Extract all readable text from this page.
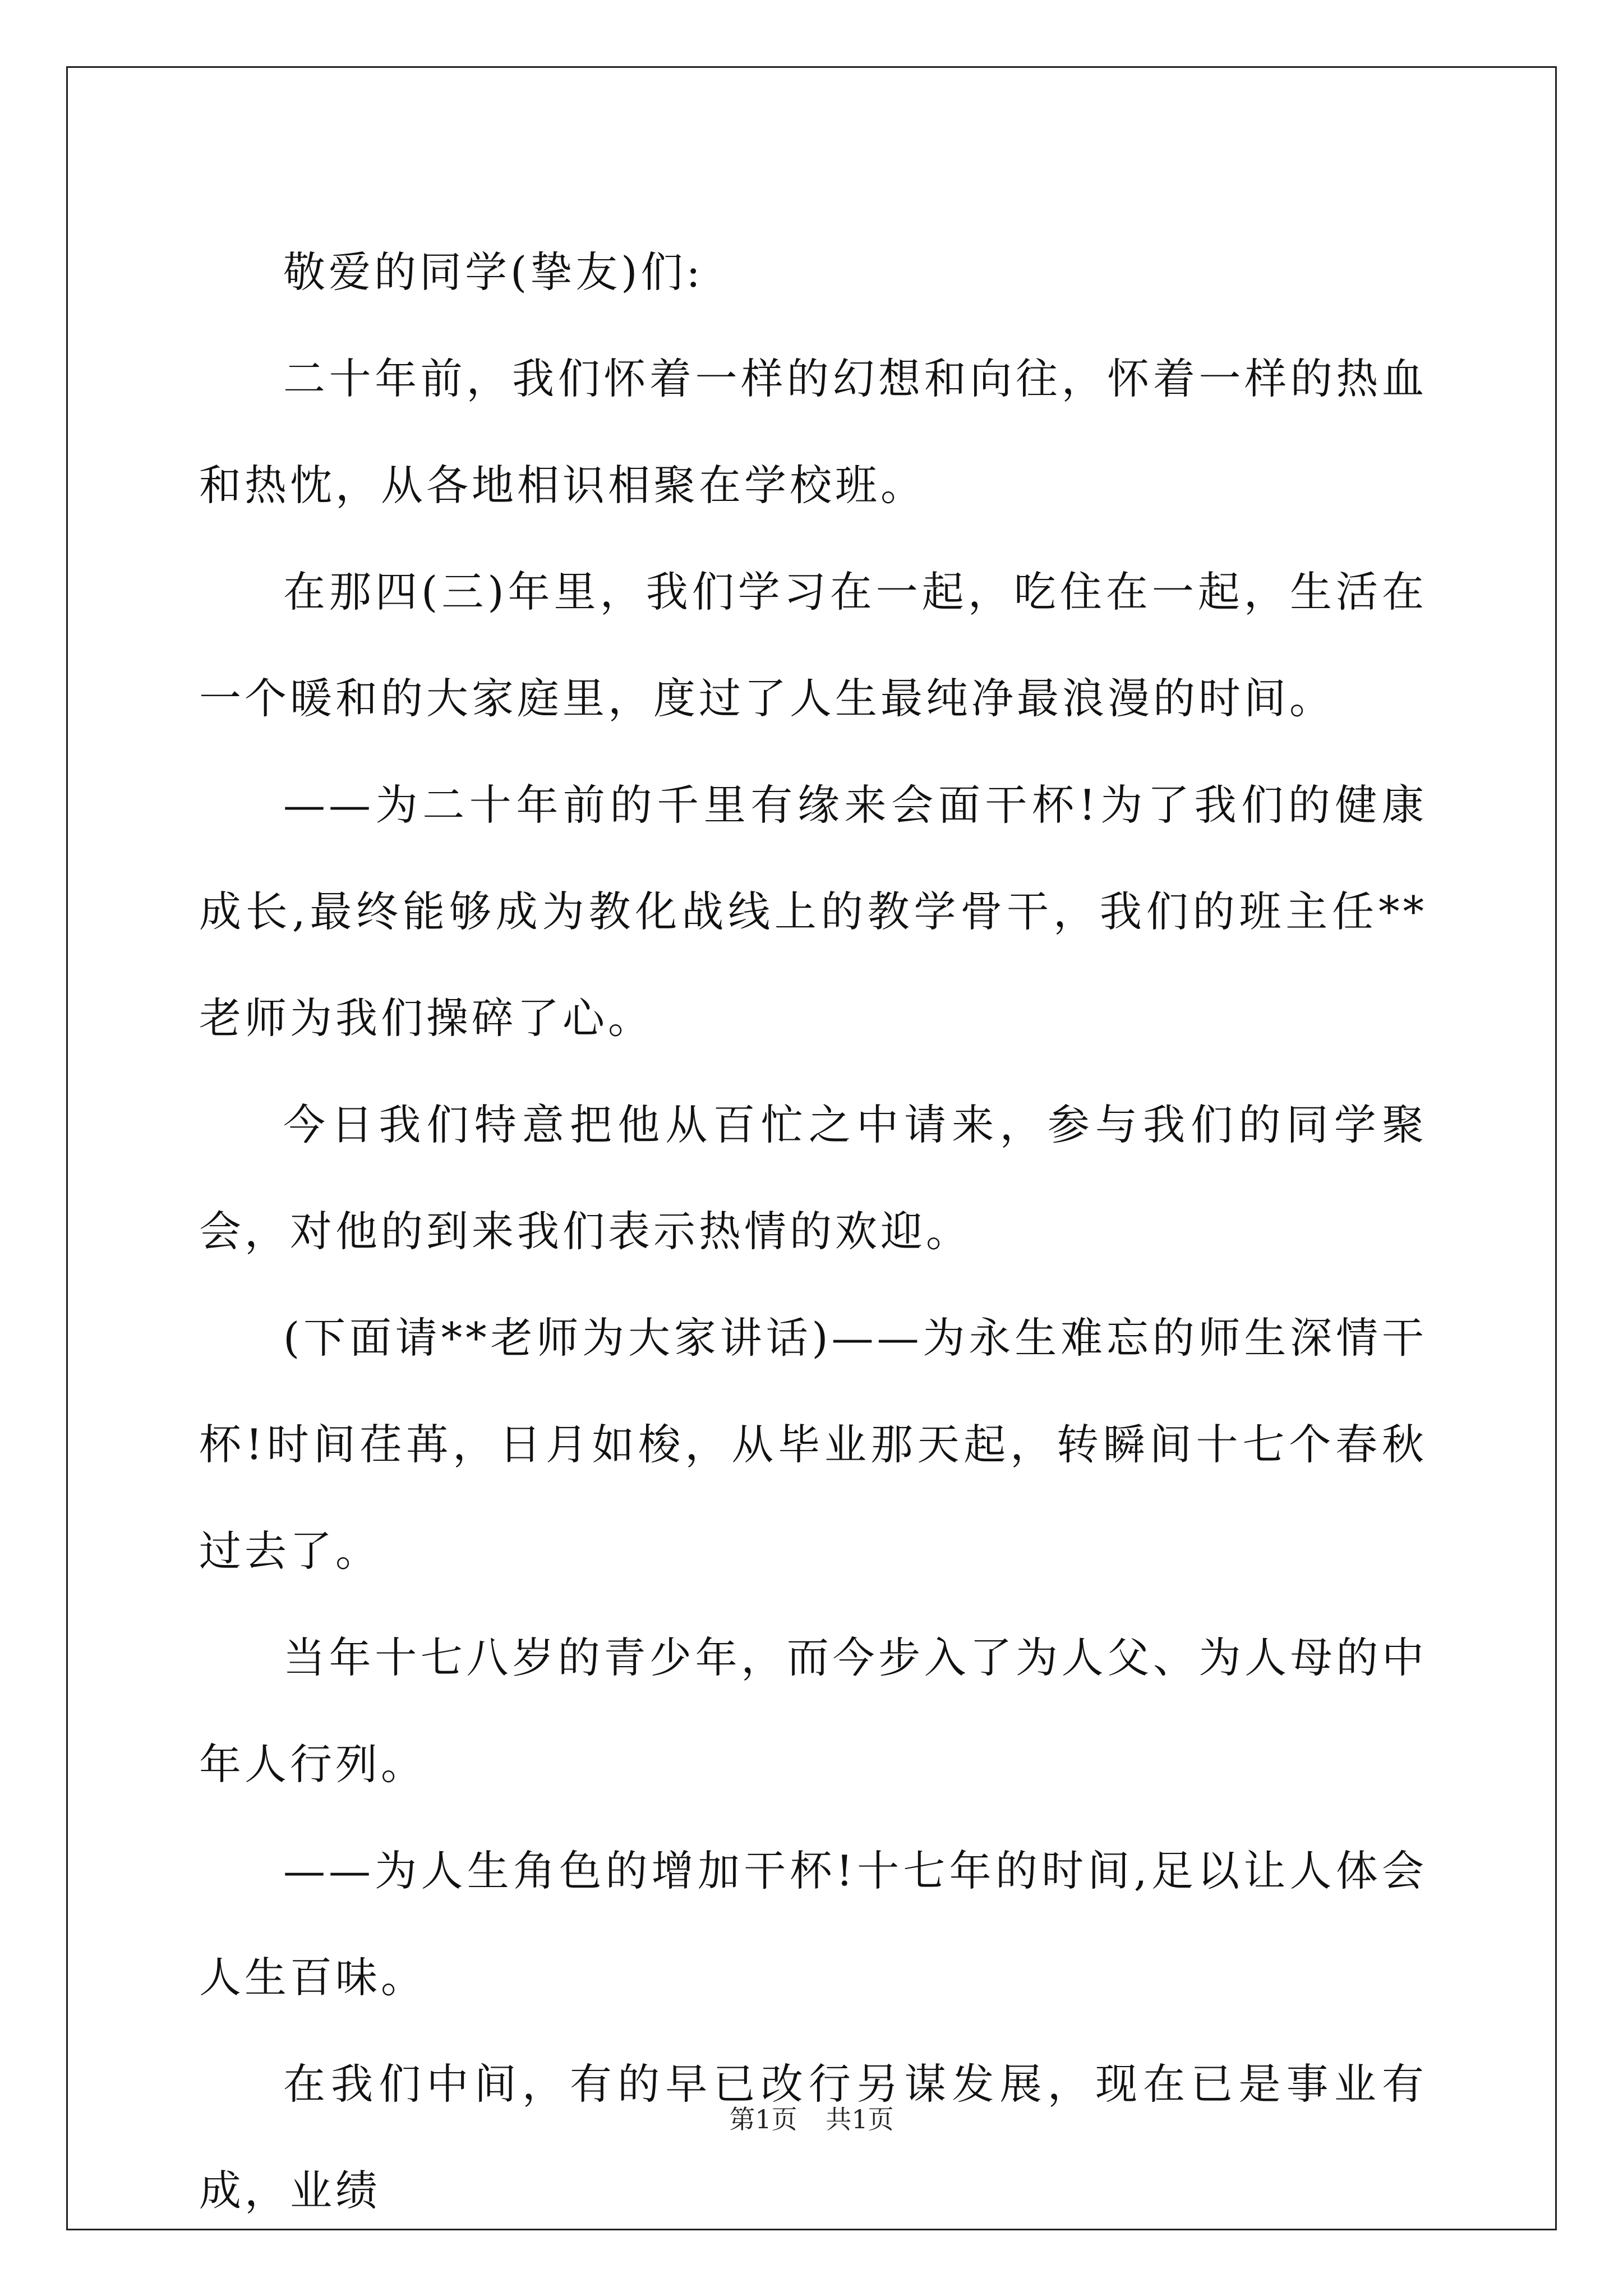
敬爱的同学(挚友)们:

二十年前，我们怀着一样的幻想和向往，怀着一样的热血和热忱，从各地相识相聚在学校班。

在那四(三)年里，我们学习在一起，吃住在一起，生活在一个暖和的大家庭里，度过了人生最纯净最浪漫的时间。

——为二十年前的千里有缘来会面干杯!为了我们的健康成长,最终能够成为教化战线上的教学骨干，我们的班主任**老师为我们操碎了心。

今日我们特意把他从百忙之中请来，参与我们的同学聚会，对他的到来我们表示热情的欢迎。

(下面请**老师为大家讲话)——为永生难忘的师生深情干杯!时间荏苒，日月如梭，从毕业那天起，转瞬间十七个春秋过去了。

当年十七八岁的青少年，而今步入了为人父、为人母的中年人行列。

——为人生角色的增加干杯!十七年的时间,足以让人体会人生百味。

在我们中间，有的早已改行另谋发展，现在已是事业有成，业绩

第1页 共1页
